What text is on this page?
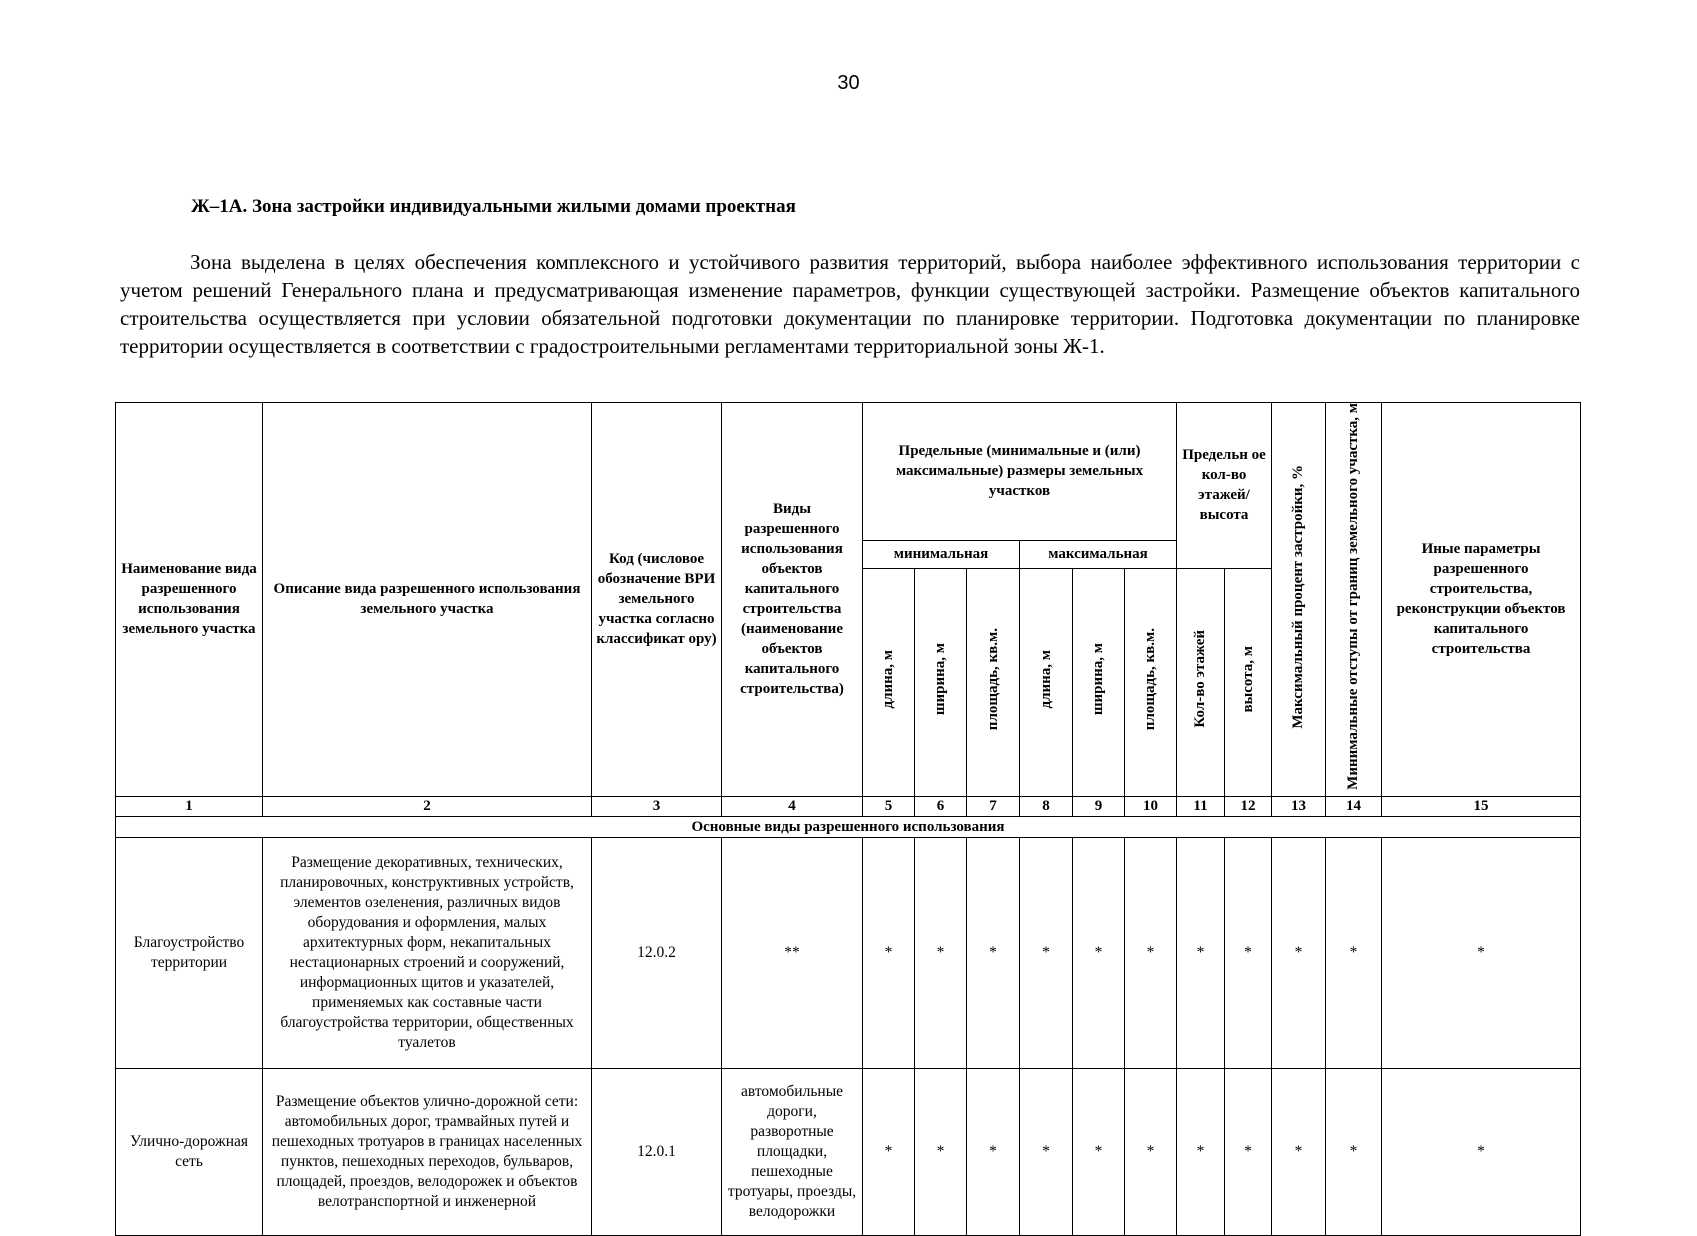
30
Ж–1А. Зона застройки индивидуальными жилыми домами проектная

Зона выделена в целях обеспечения комплексного и устойчивого развития территорий, выбора наиболее эффективного использования территории с учетом решений Генерального плана и предусматривающая изменение параметров, функции существующей застройки. Размещение объектов капитального строительства осуществляется при условии обязательной подготовки документации по планировке территории. Подготовка документации по планировке территории осуществляется в соответствии с градостроительными регламентами территориальной зоны Ж-1.

Наименование вида разрешенного использования земельного участка	Описание вида разрешенного использования земельного участка	Код (числовое обозначение ВРИ земельного участка согласно классификат ору)	Виды разрешенного использования объектов капитального строительства (наименование объектов капитального строительства)	Предельные (минимальные и (или) максимальные) размеры земельных участков						Предельн ое кол-во этажей/ высота		Максимальный процент застройки, %	Минимальные отступы от границ земельного участка, м	Иные параметры разрешенного строительства, реконструкции объектов капитального строительства
				минимальная			максимальная							
				длина, м	ширина, м	площадь, кв.м.	длина, м	ширина, м	площадь, кв.м.	Кол-во этажей	высота, м			
1	2	3	4	5	6	7	8	9	10	11	12	13	14	15
Основные виды разрешенного использования														
Благоустройство территории	Размещение декоративных, технических, планировочных, конструктивных устройств, элементов озеленения, различных видов оборудования и оформления, малых архитектурных форм, некапитальных нестационарных строений и сооружений, информационных щитов и указателей, применяемых как составные части благоустройства территории, общественных туалетов	12.0.2	**	*	*	*	*	*	*	*	*	*	*	*
Улично-дорожная сеть	Размещение объектов улично-дорожной сети: автомобильных дорог, трамвайных путей и пешеходных тротуаров в границах населенных пунктов, пешеходных переходов, бульваров, площадей, проездов, велодорожек и объектов велотранспортной и инженерной	12.0.1	автомобильные дороги, разворотные площадки, пешеходные тротуары, проезды, велодорожки	*	*	*	*	*	*	*	*	*	*	*
